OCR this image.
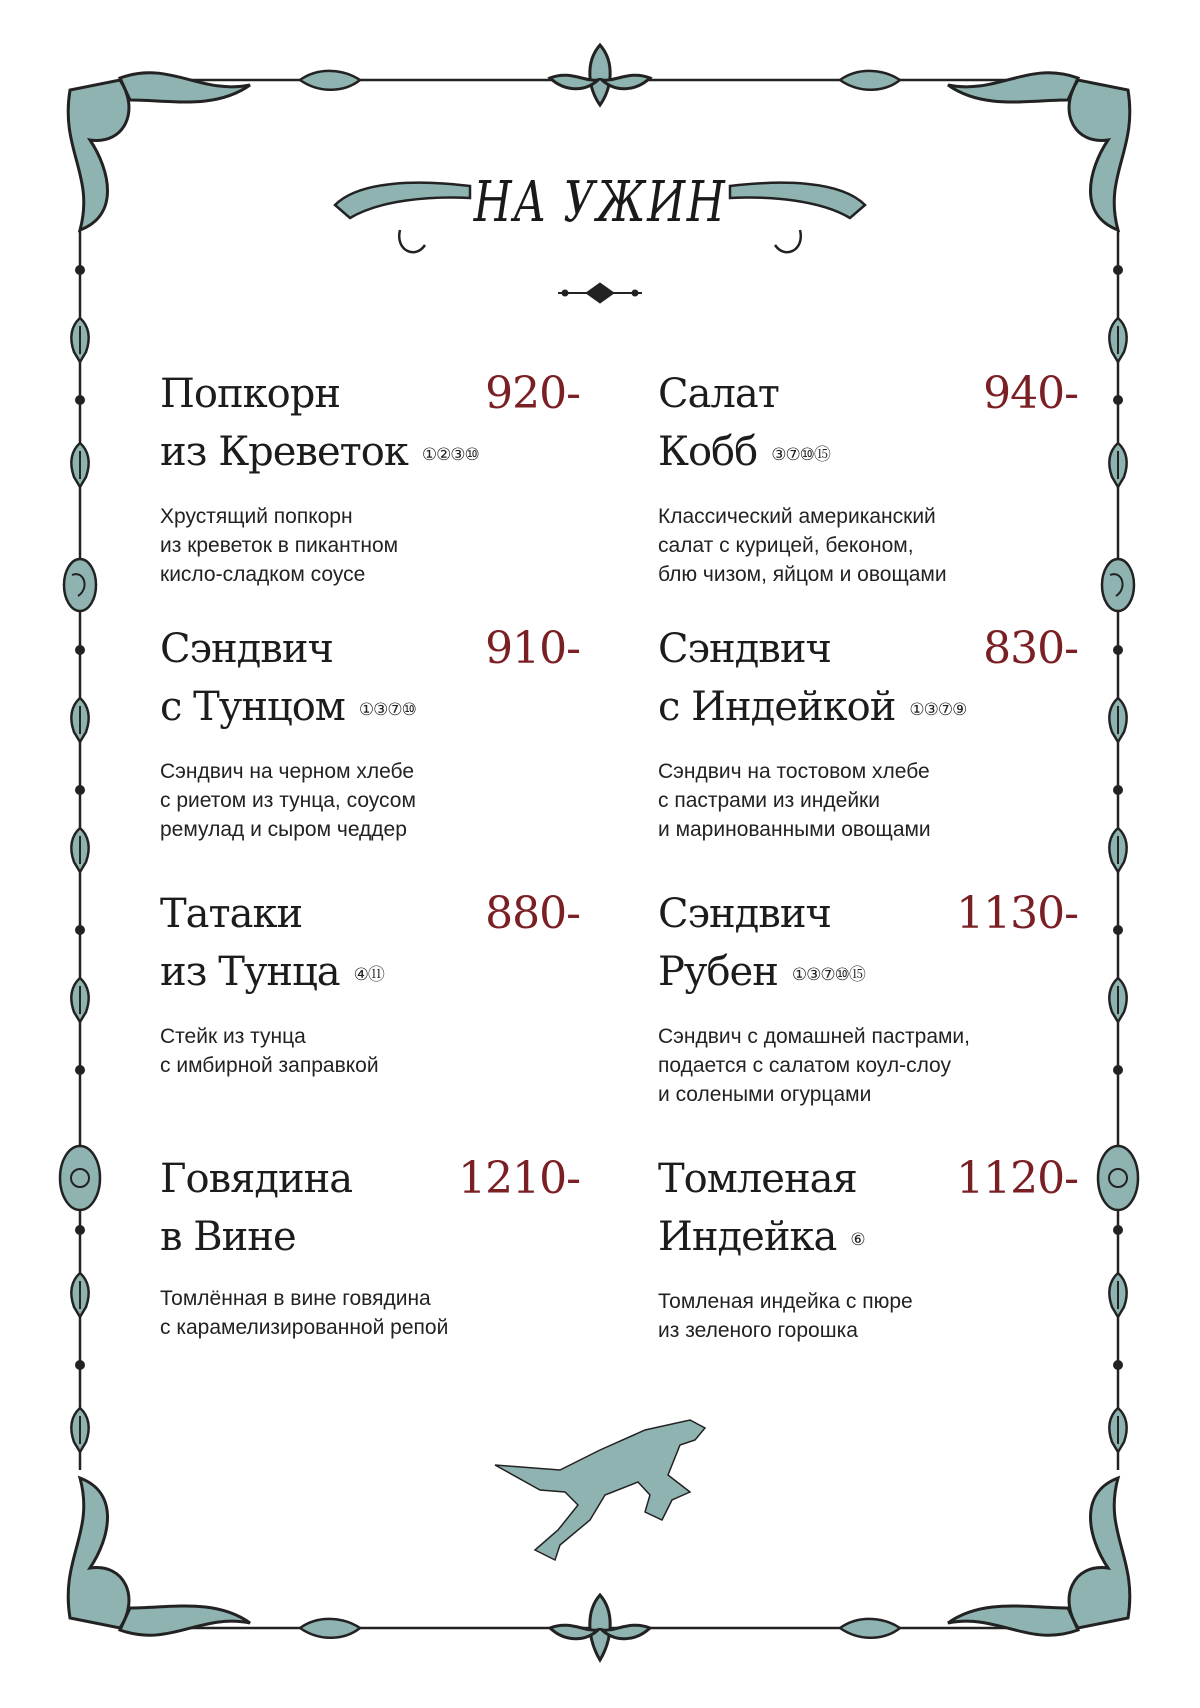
НА УЖИН
Попкорн
из Креветок ①②③⑩
920-
Хрустящий попкорн
из креветок в пикантном
кисло-сладком соусе
Сэндвич
с Тунцом ①③⑦⑩
910-
Сэндвич на черном хлебе
с риетом из тунца, соусом
ремулад и сыром чеддер
Татаки
из Тунца ④⑪
880-
Стейк из тунца
с имбирной заправкой
Говядина
в Вине
1210-
Томлённая в вине говядина
с карамелизированной репой
Салат
Кобб ③⑦⑩⑮
940-
Классический американский
салат с курицей, беконом,
блю чизом, яйцом и овощами
Сэндвич
с Индейкой ①③⑦⑨
830-
Сэндвич на тостовом хлебе
с пастрами из индейки
и маринованными овощами
Сэндвич
Рубен ①③⑦⑩⑮
1130-
Сэндвич с домашней пастрами,
подается с салатом коул-слоу
и солеными огурцами
Томленая
Индейка ⑥
1120-
Томленая индейка с пюре
из зеленого горошка
